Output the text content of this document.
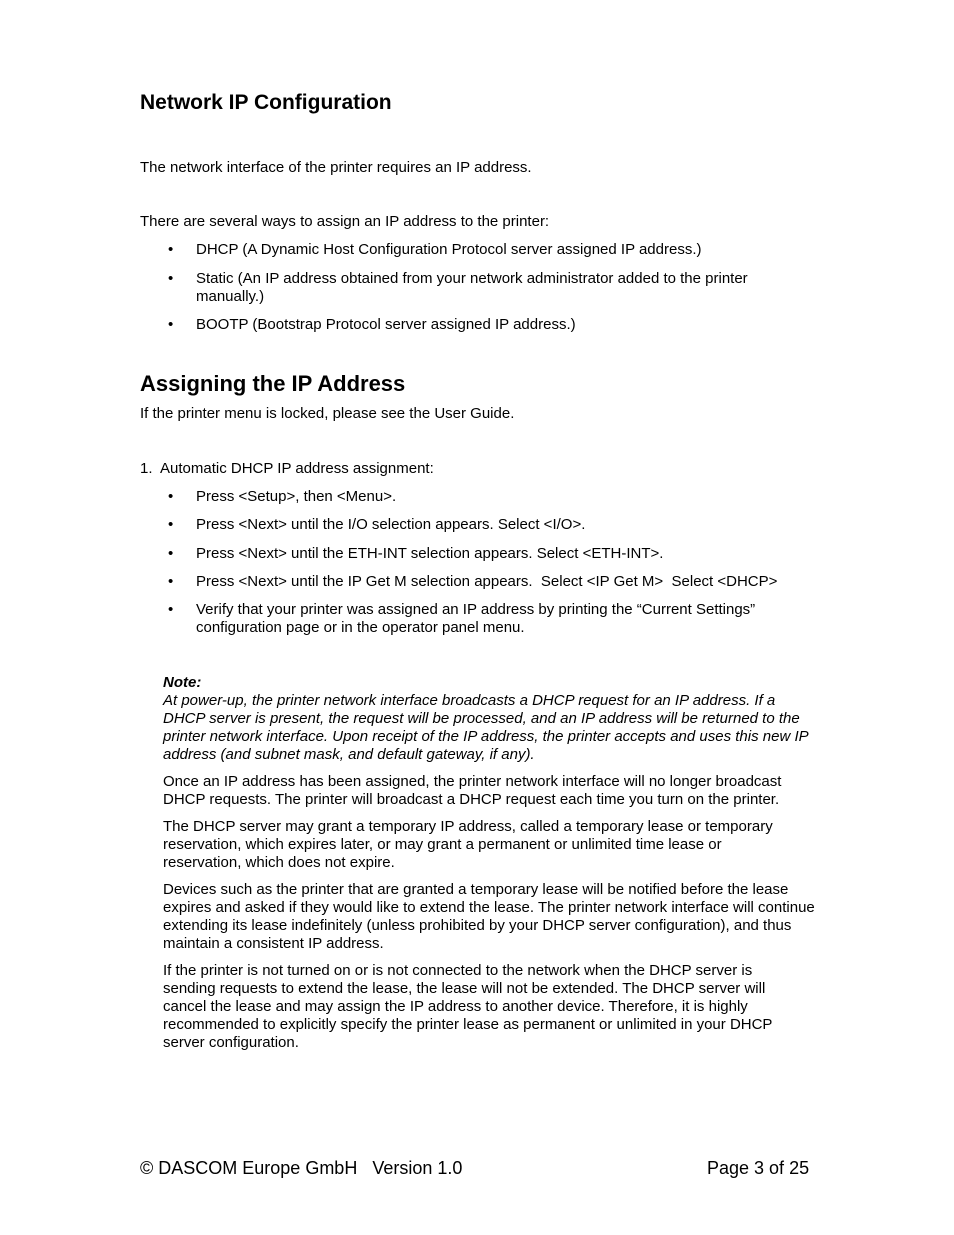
Network IP Configuration
The network interface of the printer requires an IP address.
There are several ways to assign an IP address to the printer:
• DHCP (A Dynamic Host Configuration Protocol server assigned IP address.)
• Static (An IP address obtained from your network administrator added to the printer manually.)
• BOOTP (Bootstrap Protocol server assigned IP address.)
Assigning the IP Address
If the printer menu is locked, please see the User Guide.
1.  Automatic DHCP IP address assignment:
• Press <Setup>, then <Menu>.
• Press <Next> until the I/O selection appears. Select <I/O>.
• Press <Next> until the ETH-INT selection appears. Select <ETH-INT>.
• Press <Next> until the IP Get M selection appears.  Select <IP Get M>  Select <DHCP>
• Verify that your printer was assigned an IP address by printing the “Current Settings” configuration page or in the operator panel menu.
Note:
At power-up, the printer network interface broadcasts a DHCP request for an IP address. If a DHCP server is present, the request will be processed, and an IP address will be returned to the printer network interface. Upon receipt of the IP address, the printer accepts and uses this new IP address (and subnet mask, and default gateway, if any).
Once an IP address has been assigned, the printer network interface will no longer broadcast DHCP requests. The printer will broadcast a DHCP request each time you turn on the printer.
The DHCP server may grant a temporary IP address, called a temporary lease or temporary reservation, which expires later, or may grant a permanent or unlimited time lease or reservation, which does not expire.
Devices such as the printer that are granted a temporary lease will be notified before the lease expires and asked if they would like to extend the lease. The printer network interface will continue extending its lease indefinitely (unless prohibited by your DHCP server configuration), and thus maintain a consistent IP address.
If the printer is not turned on or is not connected to the network when the DHCP server is sending requests to extend the lease, the lease will not be extended. The DHCP server will cancel the lease and may assign the IP address to another device. Therefore, it is highly recommended to explicitly specify the printer lease as permanent or unlimited in your DHCP server configuration.
© DASCOM Europe GmbH   Version 1.0	Page 3 of 25
